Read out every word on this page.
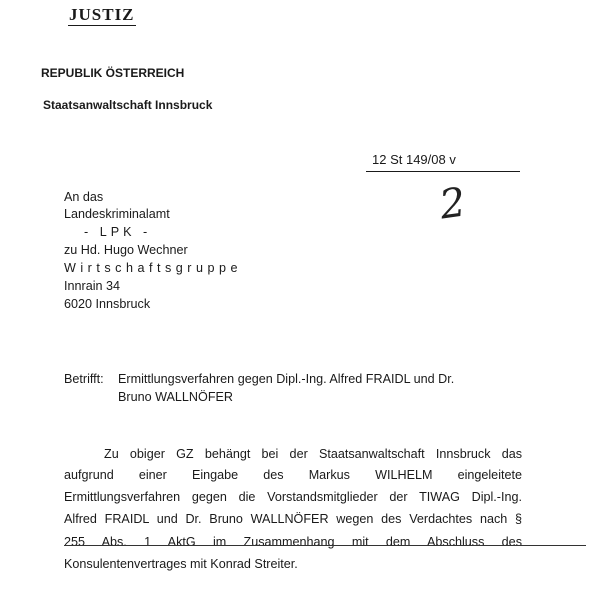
JUSTIZ
REPUBLIK ÖSTERREICH
Staatsanwaltschaft Innsbruck
12 St 149/08 v
2
An das
Landeskriminalamt
- LPK -
zu Hd. Hugo Wechner
Wirtschaftsgruppe
Innrain 34
6020 Innsbruck
Betrifft: Ermittlungsverfahren gegen Dipl.-Ing. Alfred FRAIDL und Dr.
Bruno WALLNÖFER
Zu obiger GZ behängt bei der Staatsanwaltschaft Innsbruck das
aufgrund einer Eingabe des Markus WILHELM eingeleitete
Ermittlungsverfahren gegen die Vorstandsmitglieder der TIWAG Dipl.-Ing.
Alfred FRAIDL und Dr. Bruno WALLNÖFER wegen des Verdachtes nach §
255 Abs. 1 AktG im Zusammenhang mit dem Abschluss des
Konsulentenvertrages mit Konrad Streiter.
